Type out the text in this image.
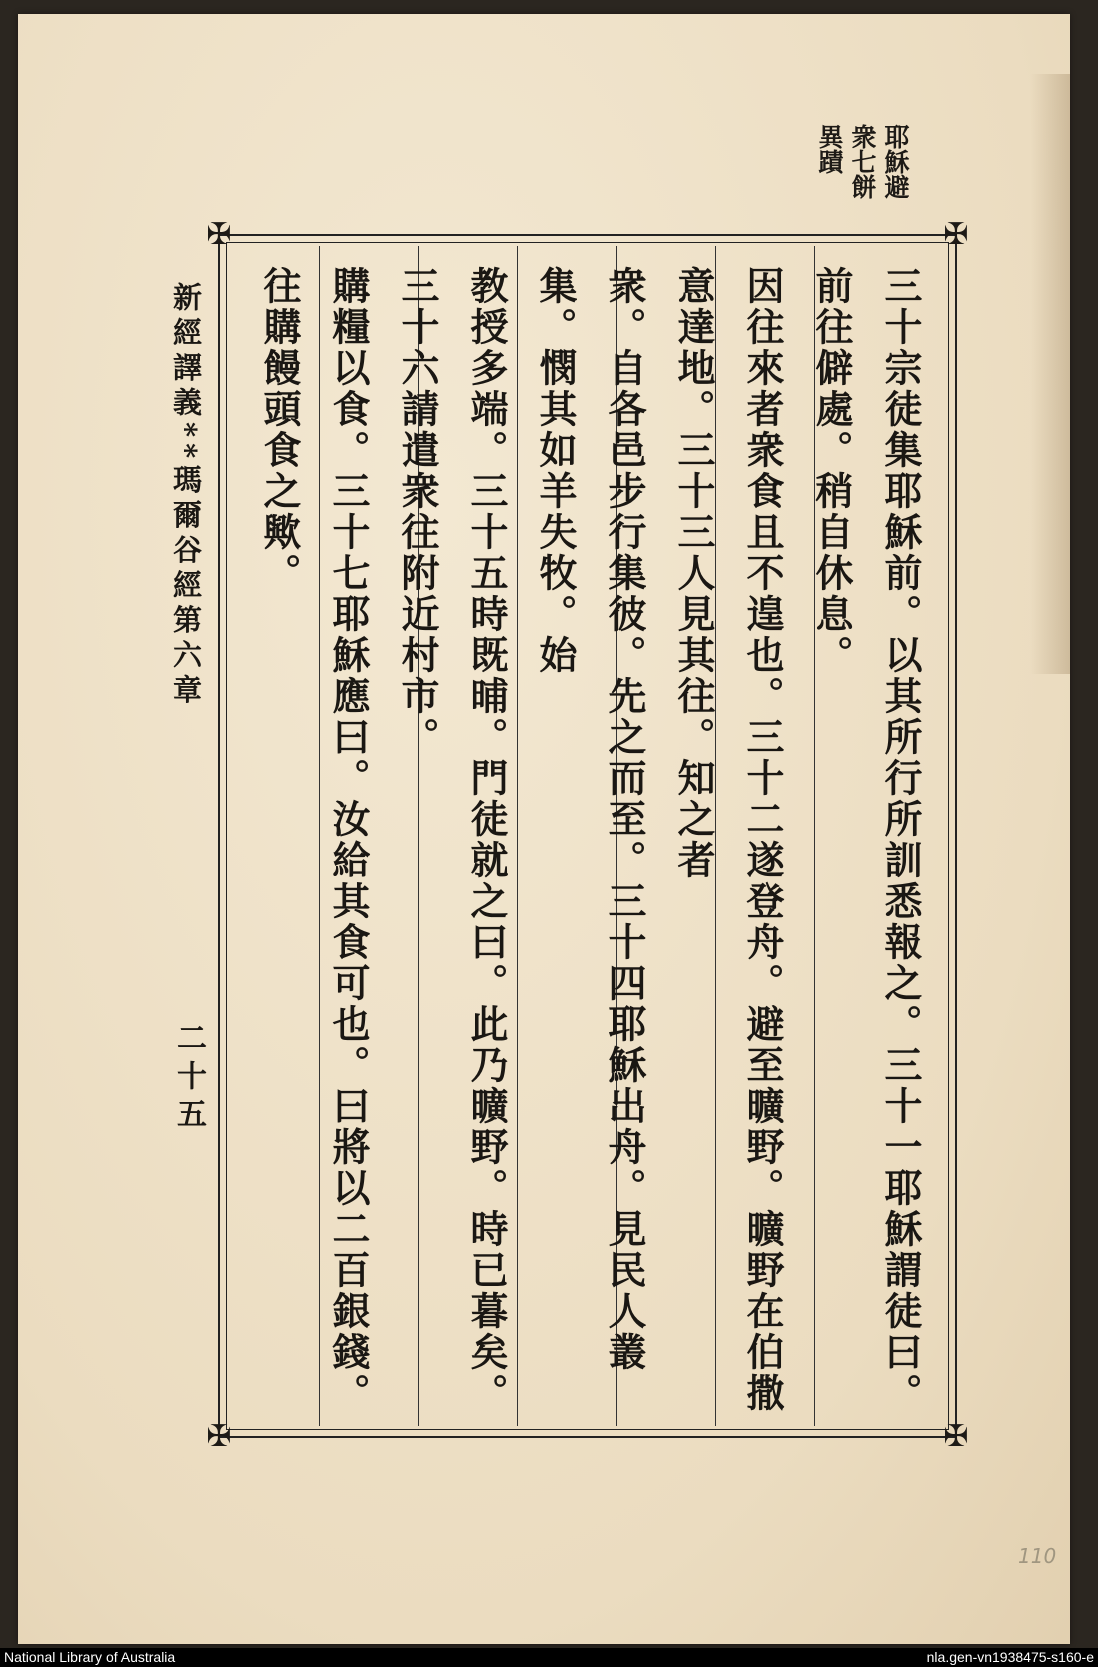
耶穌避
衆七餅
異蹟
✠	✠
✠	✠

三十宗徒集耶穌前。以其所行所訓悉報之。三十一耶穌謂徒曰。前往僻處。稍自休息。

因往來者衆食且不遑也。三十二遂登舟。避至曠野。曠野在伯撒意達地。三十三人見其往。知之者

衆。自各邑步行集彼。先之而至。三十四耶穌出舟。見民人叢集。憫其如羊失牧。始

教授多端。三十五時既晡。門徒就之曰。此乃曠野。時已暮矣。三十六請遣衆往附近村市。

購糧以食。三十七耶穌應曰。汝給其食可也。曰將以二百銀錢。往購饅頭食之歟。

新經譯義**瑪爾谷經第六章
二十五
110
National Library of Australia	nla.gen-vn1938475-s160-e
